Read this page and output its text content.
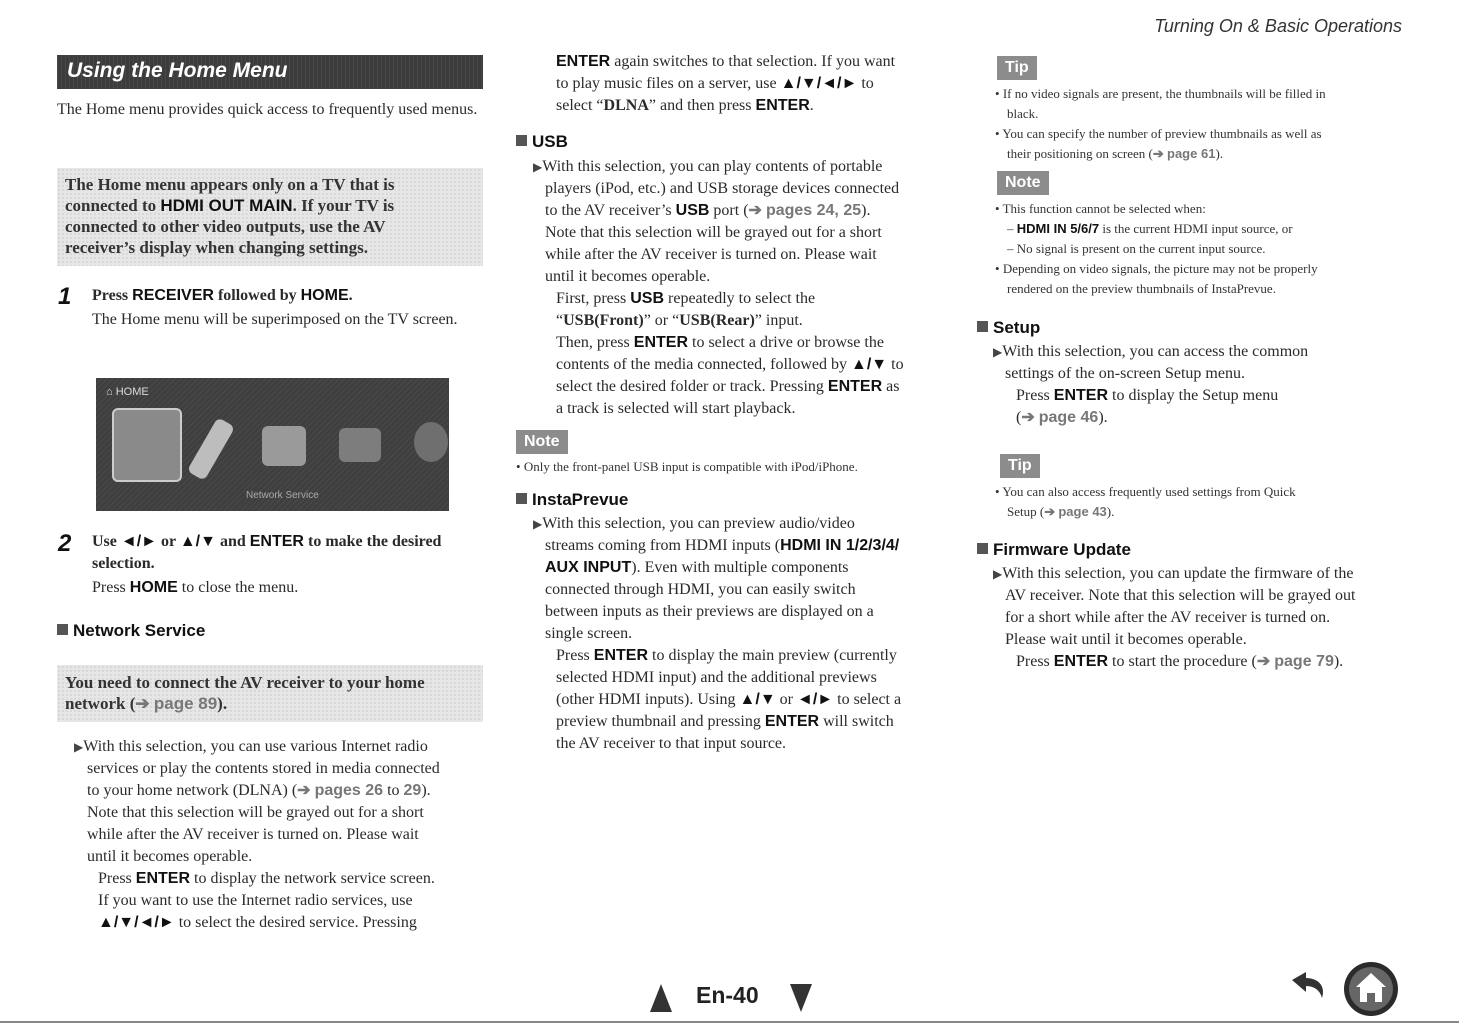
Turning On & Basic Operations
Using the Home Menu
The Home menu provides quick access to frequently used menus.
The Home menu appears only on a TV that is
connected to HDMI OUT MAIN. If your TV is
connected to other video outputs, use the AV
receiver’s display when changing settings.
1 Press RECEIVER followed by HOME.
The Home menu will be superimposed on the TV screen.
⌂ HOME
Network Service
2 Use ◄/► or ▲/▼ and ENTER to make the desired
selection.
Press HOME to close the menu.
Network Service
You need to connect the AV receiver to your home
network (➔ page 89).
▶With this selection, you can use various Internet radio
services or play the contents stored in media connected
to your home network (DLNA) (➔ pages 26 to 29).
Note that this selection will be grayed out for a short
while after the AV receiver is turned on. Please wait
until it becomes operable.
Press ENTER to display the network service screen.
If you want to use the Internet radio services, use
▲/▼/◄/► to select the desired service. Pressing
ENTER again switches to that selection. If you want
to play music files on a server, use ▲/▼/◄/► to
select “DLNA” and then press ENTER.
USB
▶With this selection, you can play contents of portable
players (iPod, etc.) and USB storage devices connected
to the AV receiver’s USB port (➔ pages 24, 25).
Note that this selection will be grayed out for a short
while after the AV receiver is turned on. Please wait
until it becomes operable.
First, press USB repeatedly to select the
“USB(Front)” or “USB(Rear)” input.
Then, press ENTER to select a drive or browse the
contents of the media connected, followed by ▲/▼ to
select the desired folder or track. Pressing ENTER as
a track is selected will start playback.
Note
• Only the front-panel USB input is compatible with iPod/iPhone.
InstaPrevue
▶With this selection, you can preview audio/video
streams coming from HDMI inputs (HDMI IN 1/2/3/4/
AUX INPUT). Even with multiple components
connected through HDMI, you can easily switch
between inputs as their previews are displayed on a
single screen.
Press ENTER to display the main preview (currently
selected HDMI input) and the additional previews
(other HDMI inputs). Using ▲/▼ or ◄/► to select a
preview thumbnail and pressing ENTER will switch
the AV receiver to that input source.
Tip
• If no video signals are present, the thumbnails will be filled in
black.
• You can specify the number of preview thumbnails as well as
their positioning on screen (➔ page 61).
Note
• This function cannot be selected when:
– HDMI IN 5/6/7 is the current HDMI input source, or
– No signal is present on the current input source.
• Depending on video signals, the picture may not be properly
rendered on the preview thumbnails of InstaPrevue.
Setup
▶With this selection, you can access the common
settings of the on-screen Setup menu.
Press ENTER to display the Setup menu
(➔ page 46).
Tip
• You can also access frequently used settings from Quick
Setup (➔ page 43).
Firmware Update
▶With this selection, you can update the firmware of the
AV receiver. Note that this selection will be grayed out
for a short while after the AV receiver is turned on.
Please wait until it becomes operable.
Press ENTER to start the procedure (➔ page 79).
En-40
